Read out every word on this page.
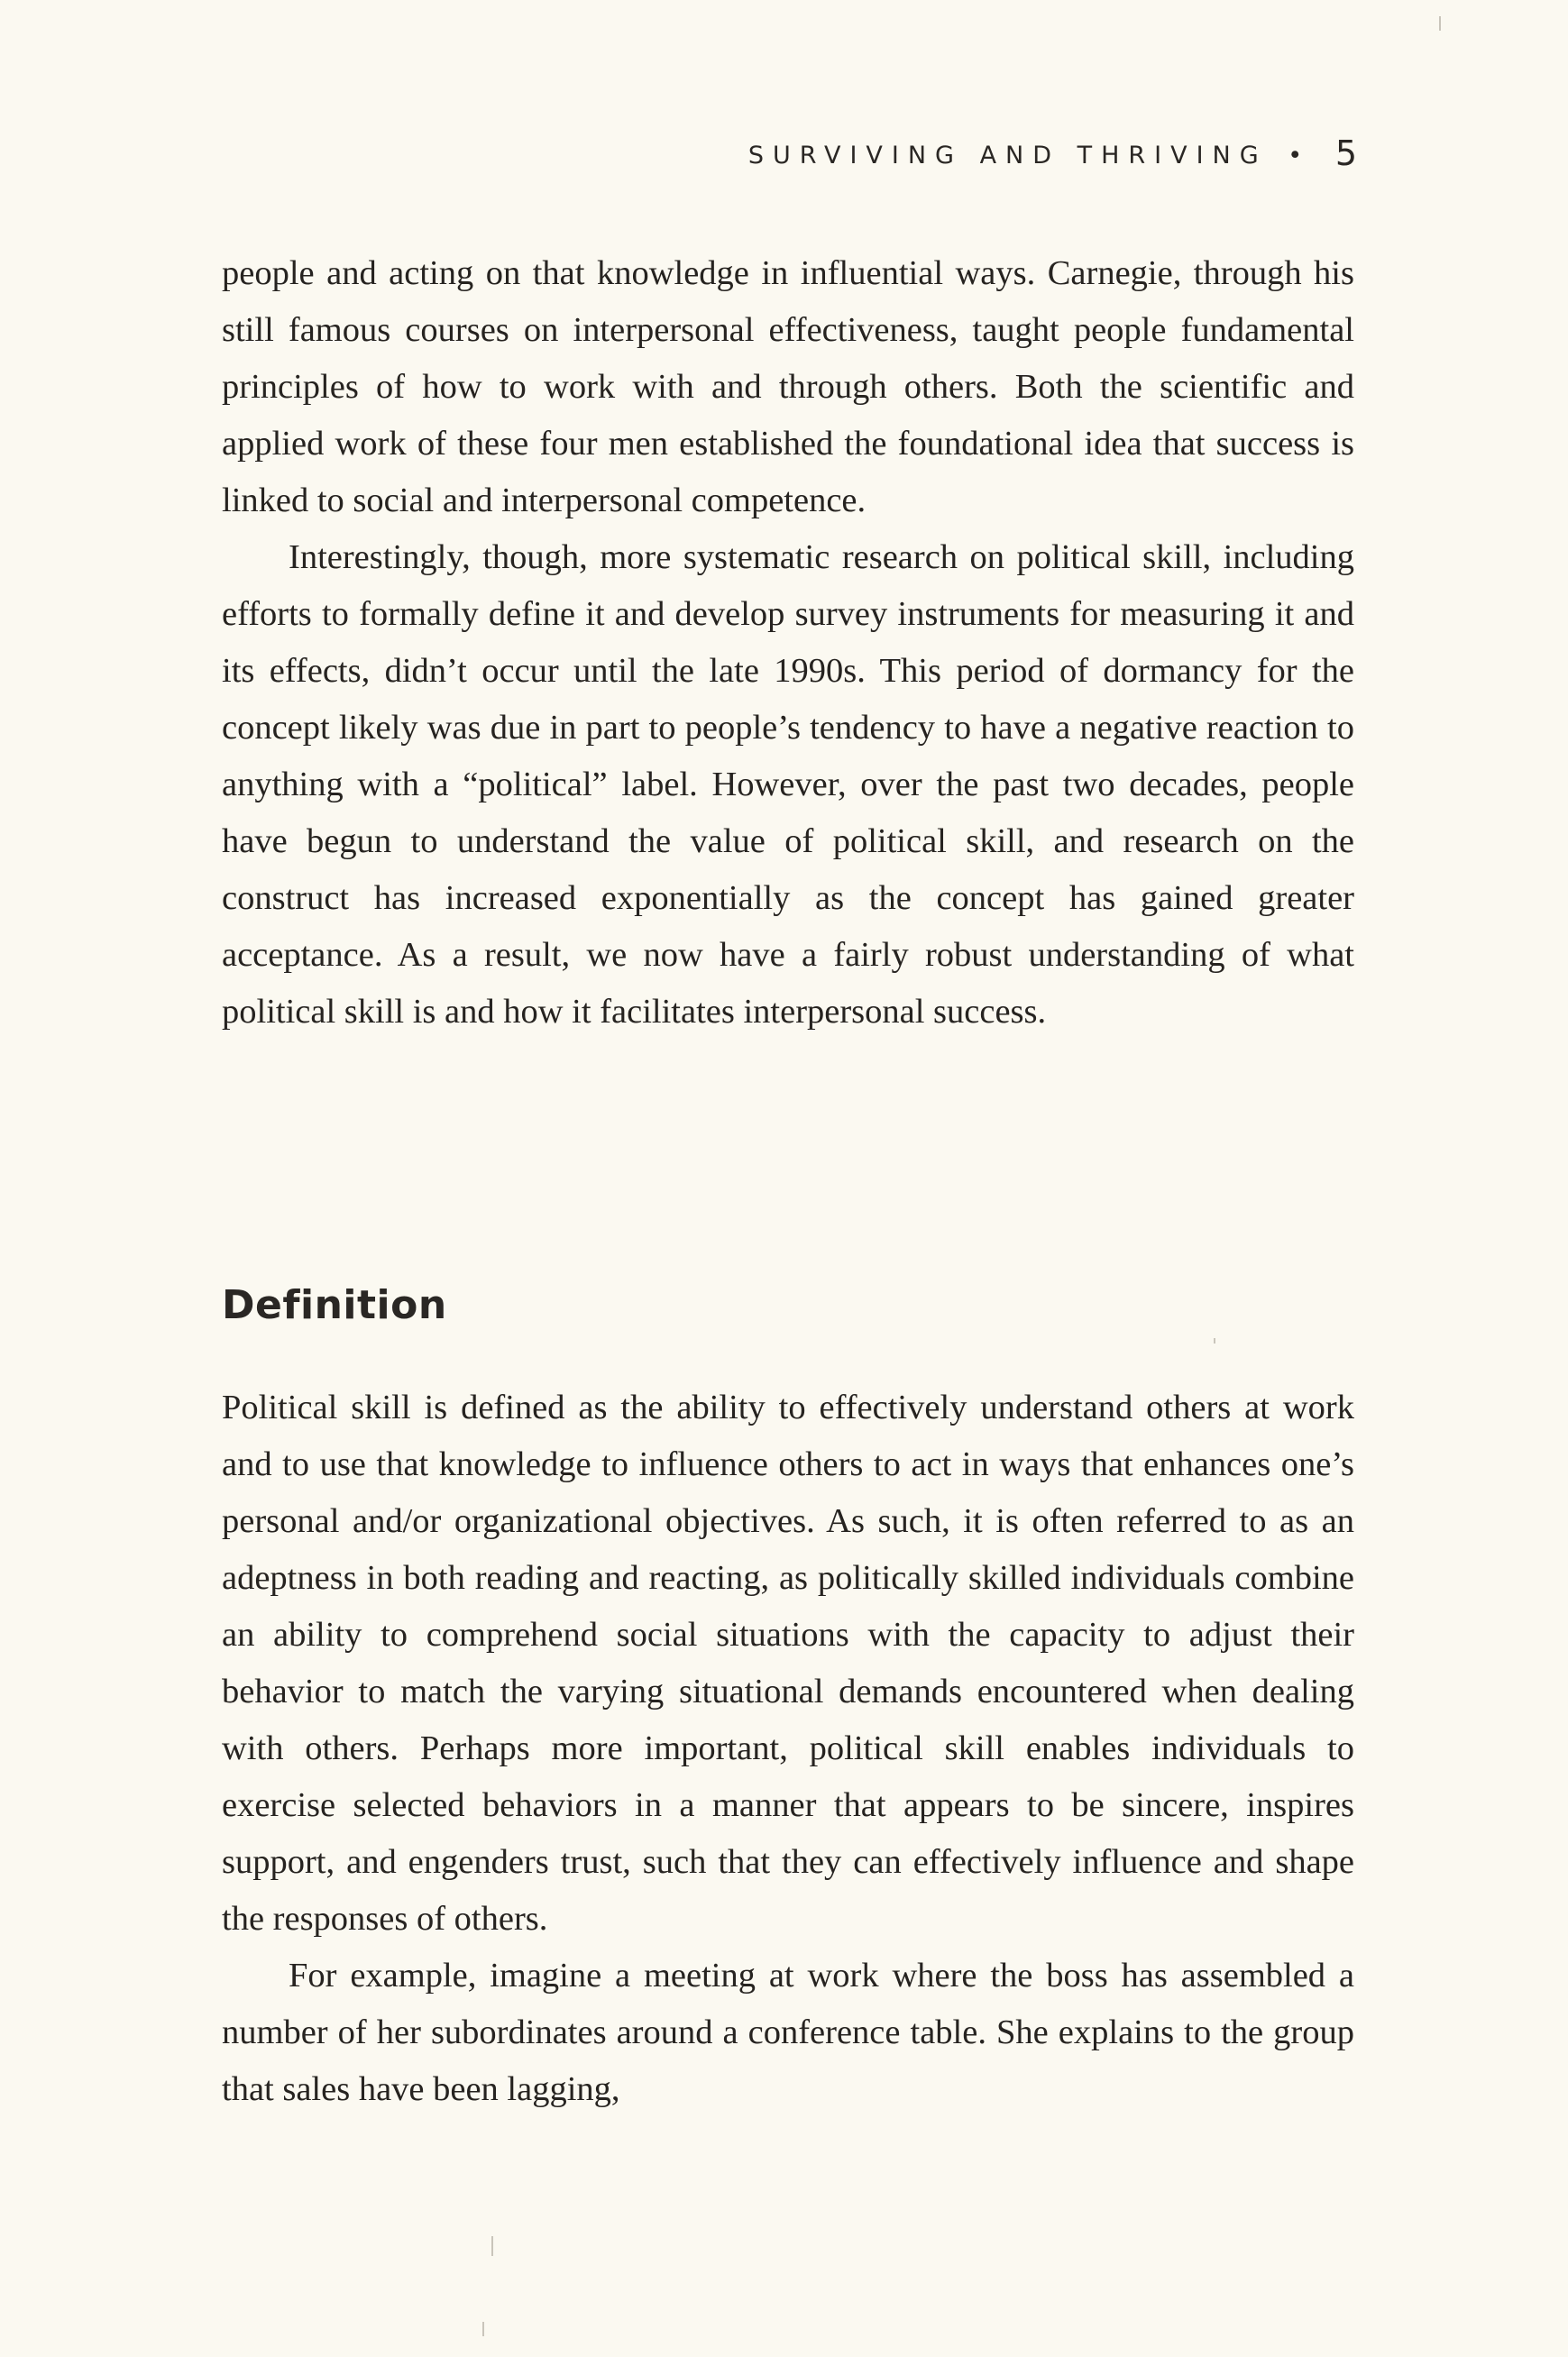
SURVIVING AND THRIVING • 5

people and acting on that knowledge in influential ways. Carnegie, through his still famous courses on interpersonal effectiveness, taught people fundamental principles of how to work with and through others. Both the scientific and applied work of these four men established the foundational idea that success is linked to social and interpersonal competence.

Interestingly, though, more systematic research on political skill, including efforts to formally define it and develop survey instruments for measuring it and its effects, didn’t occur until the late 1990s. This period of dormancy for the concept likely was due in part to people’s tendency to have a negative reaction to anything with a “political” label. However, over the past two decades, people have begun to understand the value of political skill, and research on the construct has increased exponentially as the concept has gained greater acceptance. As a result, we now have a fairly robust understanding of what political skill is and how it facilitates interpersonal success.

Definition

Political skill is defined as the ability to effectively understand others at work and to use that knowledge to influence others to act in ways that enhances one’s personal and/or organizational objectives. As such, it is often referred to as an adeptness in both reading and reacting, as politically skilled individuals combine an ability to comprehend social situations with the capacity to adjust their behavior to match the varying situational demands encountered when dealing with others. Perhaps more important, political skill enables individuals to exercise selected behaviors in a manner that appears to be sincere, inspires support, and engenders trust, such that they can effectively influence and shape the responses of others.

For example, imagine a meeting at work where the boss has assembled a number of her subordinates around a conference table. She explains to the group that sales have been lagging,
